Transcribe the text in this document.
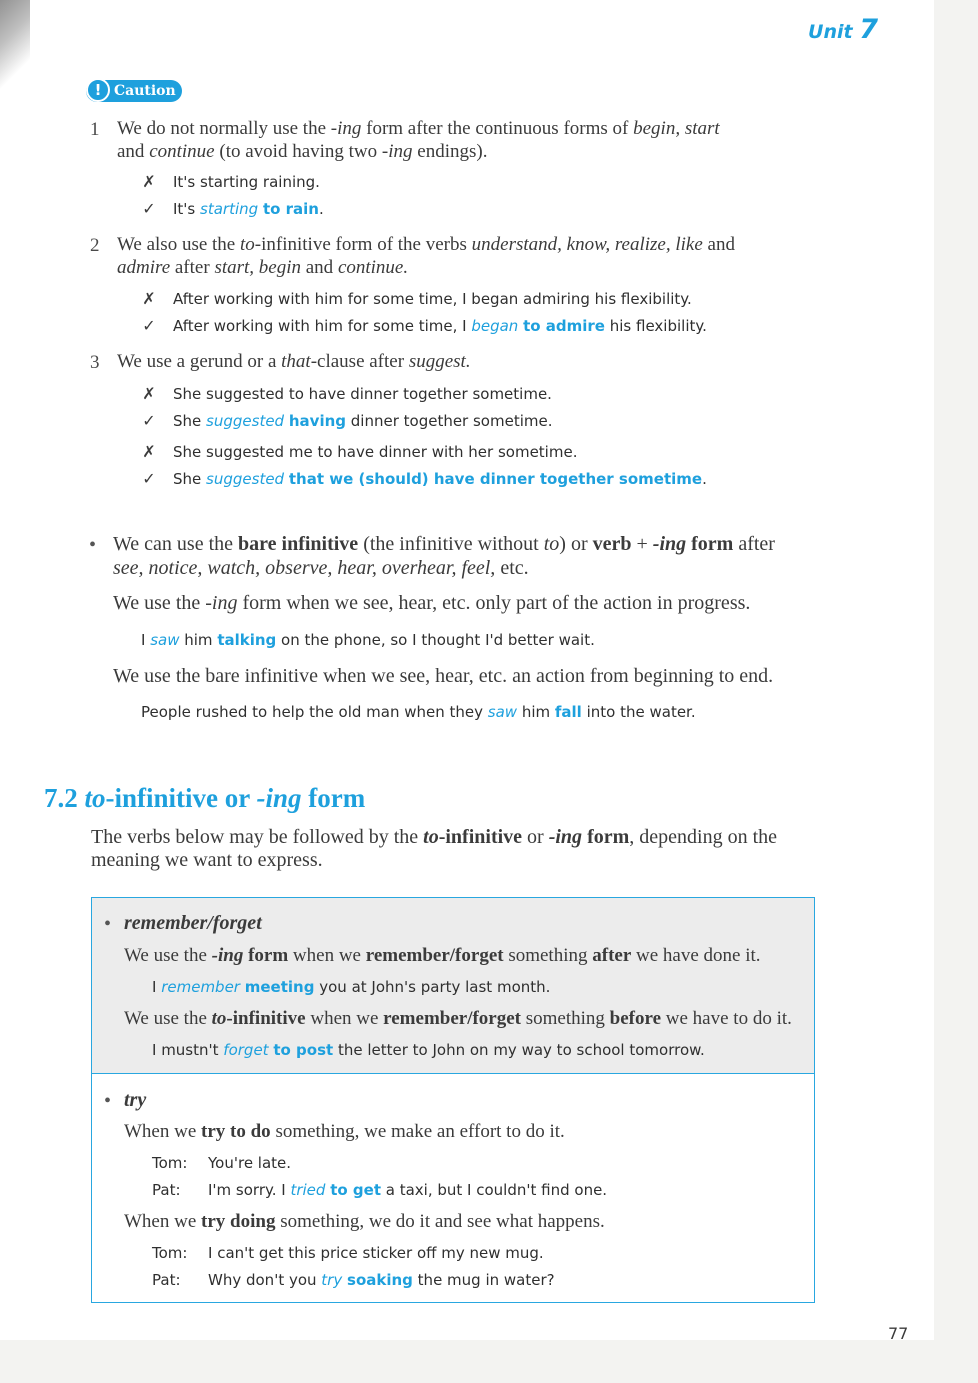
Unit 7
! Caution
1 We do not normally use the -ing form after the continuous forms of begin, start

and continue (to avoid having two -ing endings).

✗ It's starting raining.

✓ It's starting to rain.

2 We also use the to-infinitive form of the verbs understand, know, realize, like and

admire after start, begin and continue.

✗ After working with him for some time, I began admiring his flexibility.

✓ After working with him for some time, I began to admire his flexibility.

3 We use a gerund or a that-clause after suggest.

✗ She suggested to have dinner together sometime.

✓ She suggested having dinner together sometime.

✗ She suggested me to have dinner with her sometime.

✓ She suggested that we (should) have dinner together sometime.

• We can use the bare infinitive (the infinitive without to) or verb + -ing form after

see, notice, watch, observe, hear, overhear, feel, etc.

We use the -ing form when we see, hear, etc. only part of the action in progress.

I saw him talking on the phone, so I thought I'd better wait.

We use the bare infinitive when we see, hear, etc. an action from beginning to end.

People rushed to help the old man when they saw him fall into the water.

7.2 to-infinitive or -ing form

The verbs below may be followed by the to-infinitive or -ing form, depending on the

meaning we want to express.

• remember/forget

We use the -ing form when we remember/forget something after we have done it.

I remember meeting you at John's party last month.

We use the to-infinitive when we remember/forget something before we have to do it.

I mustn't forget to post the letter to John on my way to school tomorrow.

• try

When we try to do something, we make an effort to do it.

Tom: You're late.

Pat: I'm sorry. I tried to get a taxi, but I couldn't find one.

When we try doing something, we do it and see what happens.

Tom: I can't get this price sticker off my new mug.

Pat: Why don't you try soaking the mug in water?

77
